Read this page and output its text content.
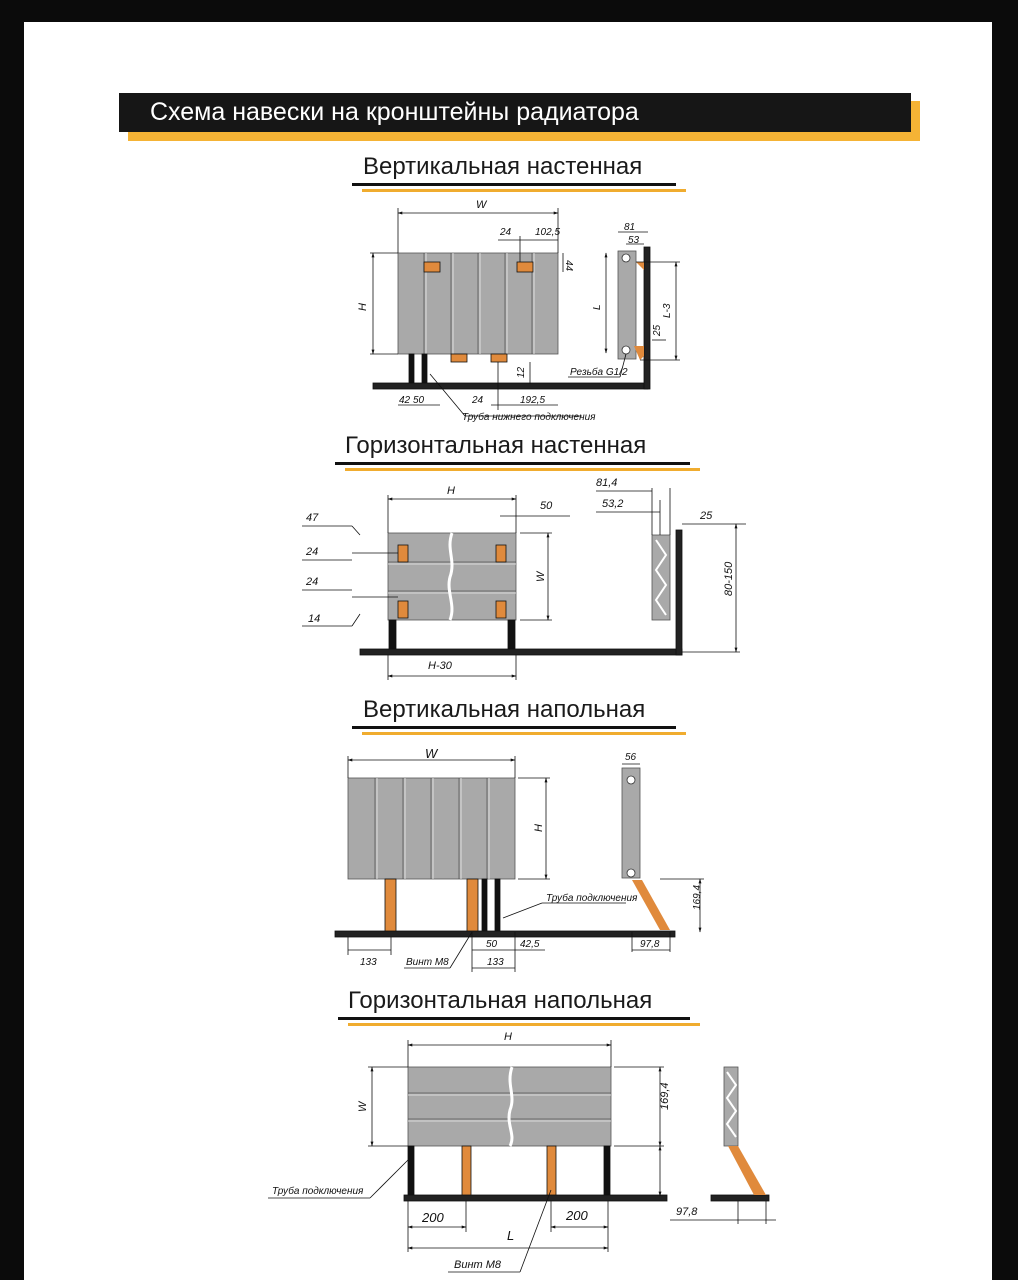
Схема навески на кронштейны радиатора
Вертикальная настенная
Горизонтальная настенная
Вертикальная напольная
Горизонтальная напольная
W
H
24 102,5
44
42 50	24	192,5
12
Труба нижнего подключения
81
53
L	L-3
25
Резьба G1/2
H
50
47
24
24
14
W
H-30
81,4
53,2
25
80-150
W
H
Труба подключения
133	Винт М8
50 42,5
133
56
169,4
97,8
H
W	169,4
Труба подключения
200	200
L
Винт М8
97,8
